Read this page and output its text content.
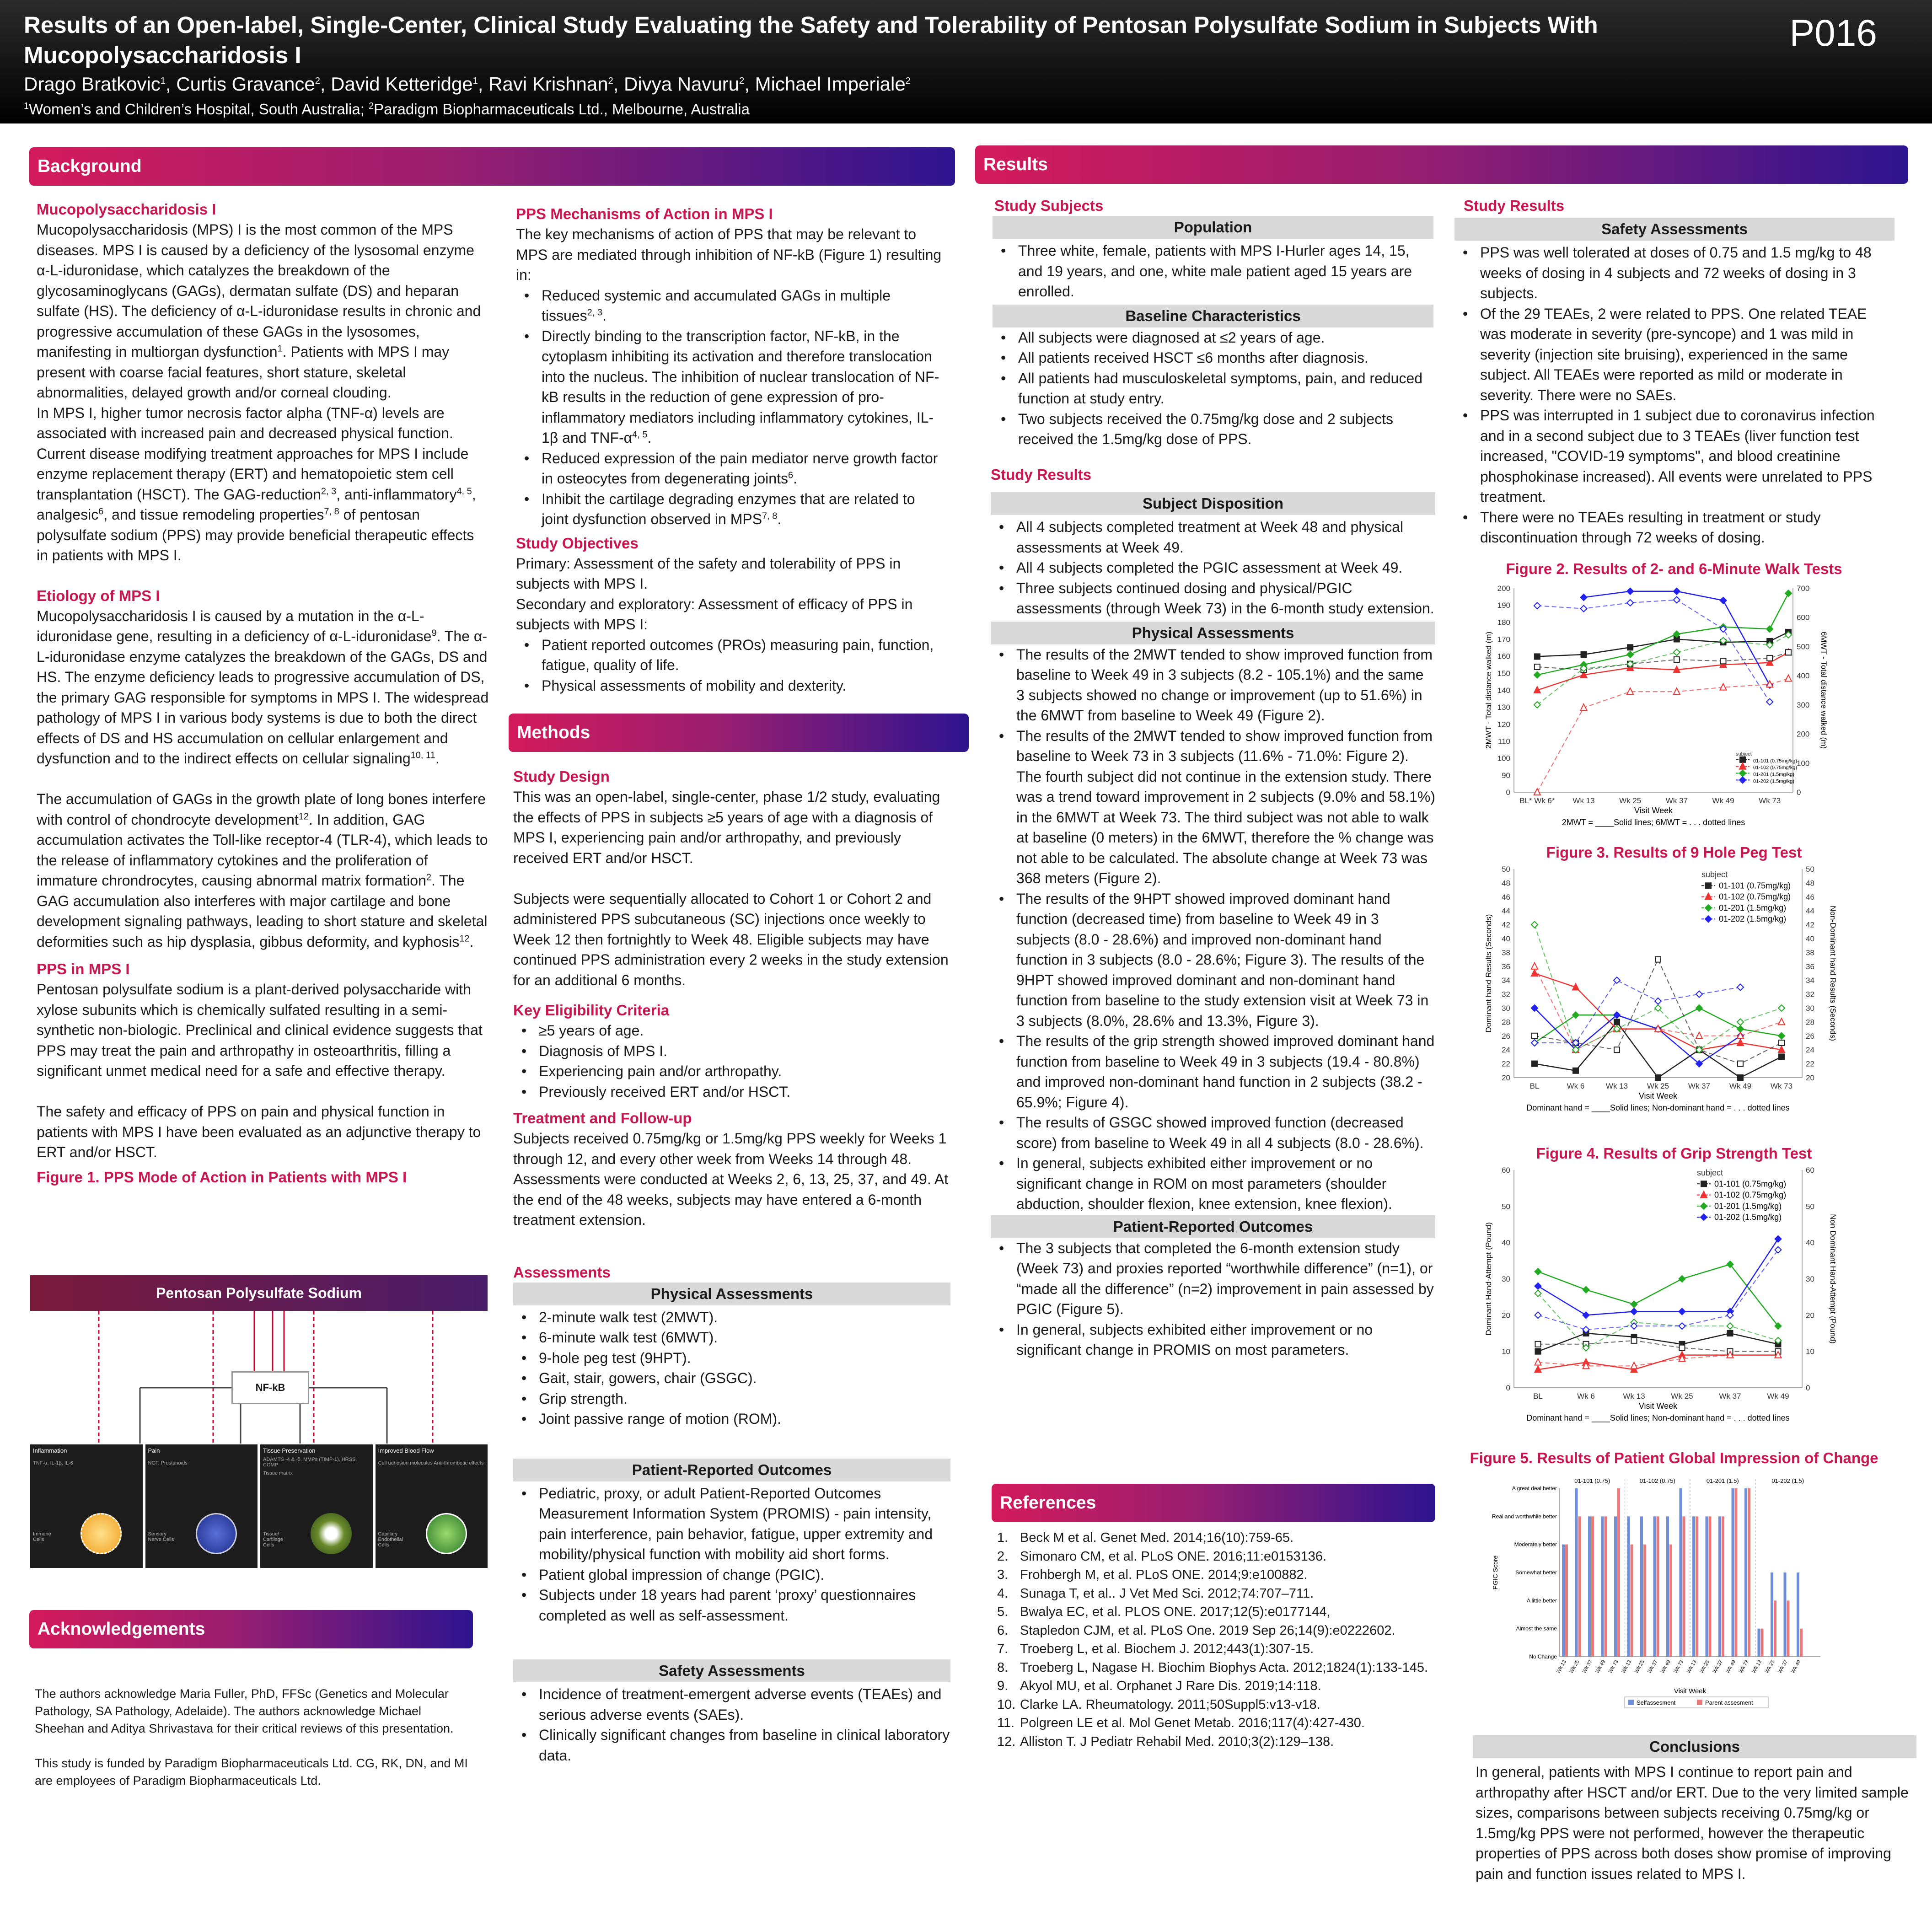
Results of an Open-label, Single-Center, Clinical Study Evaluating the Safety and Tolerability of Pentosan Polysulfate Sodium in Subjects With Mucopolysaccharidosis I
Drago Bratkovic$^1$, Curtis Gravance$^2$, David Ketteridge$^1$, Ravi Krishnan$^2$, Divya Navuru$^2$, Michael Imperiale$^2$
$^1$Women’s and Children’s Hospital, South Australia; $^2$Paradigm Biopharmaceuticals Ltd., Melbourne, Australia
P016
Background
Methods
Results
Acknowledgements
References
Mucopolysaccharidosis I

Mucopolysaccharidosis (MPS) I is the most common of the MPS diseases. MPS I is caused by a deficiency of the lysosomal enzyme α-L-iduronidase, which catalyzes the breakdown of the glycosaminoglycans (GAGs), dermatan sulfate (DS) and heparan sulfate (HS). The deficiency of α-L-iduronidase results in chronic and progressive accumulation of these GAGs in the lysosomes, manifesting in multiorgan dysfunction$^1$. Patients with MPS I may present with coarse facial features, short stature, skeletal abnormalities, delayed growth and/or corneal clouding.
In MPS I, higher tumor necrosis factor alpha (TNF-α) levels are associated with increased pain and decreased physical function. Current disease modifying treatment approaches for MPS I include enzyme replacement therapy (ERT) and hematopoietic stem cell transplantation (HSCT). The GAG-reduction$^{2, 3}$, anti-inflammatory$^{4, 5}$, analgesic$^6$, and tissue remodeling properties$^{7, 8}$ of pentosan polysulfate sodium (PPS) may provide beneficial therapeutic effects in patients with MPS I.

Etiology of MPS I

Mucopolysaccharidosis I is caused by a mutation in the α-L-iduronidase gene, resulting in a deficiency of α-L-iduronidase$^9$. The α-L-iduronidase enzyme catalyzes the breakdown of the GAGs, DS and HS. The enzyme deficiency leads to progressive accumulation of DS, the primary GAG responsible for symptoms in MPS I. The widespread pathology of MPS I in various body systems is due to both the direct effects of DS and HS accumulation on cellular enlargement and dysfunction and to the indirect effects on cellular signaling$^{10, 11}$.

The accumulation of GAGs in the growth plate of long bones interfere with control of chondrocyte development$^{12}$. In addition, GAG accumulation activates the Toll-like receptor-4 (TLR-4), which leads to the release of inflammatory cytokines and the proliferation of immature chrondrocytes, causing abnormal matrix formation$^2$. The GAG accumulation also interferes with major cartilage and bone development signaling pathways, leading to short stature and skeletal deformities such as hip dysplasia, gibbus deformity, and kyphosis$^{12}$.

PPS in MPS I

Pentosan polysulfate sodium is a plant-derived polysaccharide with xylose subunits which is chemically sulfated resulting in a semi-synthetic non-biologic. Preclinical and clinical evidence suggests that PPS may treat the pain and arthropathy in osteoarthritis, filling a significant unmet medical need for a safe and effective therapy.

The safety and efficacy of PPS on pain and physical function in patients with MPS I have been evaluated as an adjunctive therapy to ERT and/or HSCT.

Figure 1. PPS Mode of Action in Patients with MPS I
Pentosan Polysulfate Sodium
NF-kB
Inflammation
TNF-α, IL-1β, IL-6
Immune Cells
Pain
NGF, Prostanoids
Sensory Nerve Cells
Tissue Preservation
ADAMTS -4 & -5, MMPs (TIMP-1), HRSS, COMP
Tissue matrix
Tissue/ Cartilage Cells
Improved Blood Flow
Cell adhesion molecules Anti-thrombotic effects
Capillary Endothelial Cells
The authors acknowledge Maria Fuller, PhD, FFSc (Genetics and Molecular Pathology, SA Pathology, Adelaide). The authors acknowledge Michael Sheehan and Aditya Shrivastava for their critical reviews of this presentation.

This study is funded by Paradigm Biopharmaceuticals Ltd. CG, RK, DN, and MI are employees of Paradigm Biopharmaceuticals Ltd.
PPS Mechanisms of Action in MPS I

The key mechanisms of action of PPS that may be relevant to MPS are mediated through inhibition of NF-kB (Figure 1) resulting in:

• Reduced systemic and accumulated GAGs in multiple tissues$^{2, 3}$.
• Directly binding to the transcription factor, NF-kB, in the cytoplasm inhibiting its activation and therefore translocation into the nucleus. The inhibition of nuclear translocation of NF-kB results in the reduction of gene expression of pro-inflammatory mediators including inflammatory cytokines, IL-1β and TNF-$\alpha^{4, 5}$.
• Reduced expression of the pain mediator nerve growth factor in osteocytes from degenerating joints$^6$.
• Inhibit the cartilage degrading enzymes that are related to joint dysfunction observed in MPS$^{7, 8}$.
Study Objectives

Primary: Assessment of the safety and tolerability of PPS in subjects with MPS I.
Secondary and exploratory: Assessment of efficacy of PPS in subjects with MPS I:

• Patient reported outcomes (PROs) measuring pain, function, fatigue, quality of life.
• Physical assessments of mobility and dexterity.
Study Design

This was an open-label, single-center, phase 1/2 study, evaluating the effects of PPS in subjects ≥5 years of age with a diagnosis of MPS I, experiencing pain and/or arthropathy, and previously received ERT and/or HSCT.

Subjects were sequentially allocated to Cohort 1 or Cohort 2 and administered PPS subcutaneous (SC) injections once weekly to Week 12 then fortnightly to Week 48. Eligible subjects may have continued PPS administration every 2 weeks in the study extension for an additional 6 months.

Key Eligibility Criteria
• ≥5 years of age.
• Diagnosis of MPS I.
• Experiencing pain and/or arthropathy.
• Previously received ERT and/or HSCT.
Treatment and Follow-up

Subjects received 0.75mg/kg or 1.5mg/kg PPS weekly for Weeks 1 through 12, and every other week from Weeks 14 through 48. Assessments were conducted at Weeks 2, 6, 13, 25, 37, and 49. At the end of the 48 weeks, subjects may have entered a 6-month treatment extension.

Assessments
Physical Assessments
• 2-minute walk test (2MWT).
• 6-minute walk test (6MWT).
• 9-hole peg test (9HPT).
• Gait, stair, gowers, chair (GSGC).
• Grip strength.
• Joint passive range of motion (ROM).
Patient-Reported Outcomes
• Pediatric, proxy, or adult Patient-Reported Outcomes Measurement Information System (PROMIS) - pain intensity, pain interference, pain behavior, fatigue, upper extremity and mobility/physical function with mobility aid short forms.
• Patient global impression of change (PGIC).
• Subjects under 18 years had parent ‘proxy’ questionnaires completed as well as self-assessment.
Safety Assessments
• Incidence of treatment-emergent adverse events (TEAEs) and serious adverse events (SAEs).
• Clinically significant changes from baseline in clinical laboratory data.
Study Subjects
Population
• Three white, female, patients with MPS I-Hurler ages 14, 15, and 19 years, and one, white male patient aged 15 years are enrolled.
Baseline Characteristics
• All subjects were diagnosed at ≤2 years of age.
• All patients received HSCT ≤6 months after diagnosis.
• All patients had musculoskeletal symptoms, pain, and reduced function at study entry.
• Two subjects received the 0.75mg/kg dose and 2 subjects received the 1.5mg/kg dose of PPS.
Study Results
Subject Disposition
• All 4 subjects completed treatment at Week 48 and physical assessments at Week 49.
• All 4 subjects completed the PGIC assessment at Week 49.
• Three subjects continued dosing and physical/PGIC assessments (through Week 73) in the 6-month study extension.
Physical Assessments
• The results of the 2MWT tended to show improved function from baseline to Week 49 in 3 subjects (8.2 - 105.1%) and the same 3 subjects showed no change or improvement (up to 51.6%) in the 6MWT from baseline to Week 49 (Figure 2).
• The results of the 2MWT tended to show improved function from baseline to Week 73 in 3 subjects (11.6% - 71.0%: Figure 2). The fourth subject did not continue in the extension study. There was a trend toward improvement in 2 subjects (9.0% and 58.1%) in the 6MWT at Week 73. The third subject was not able to walk at baseline (0 meters) in the 6MWT, therefore the % change was not able to be calculated. The absolute change at Week 73 was 368 meters (Figure 2).
• The results of the 9HPT showed improved dominant hand function (decreased time) from baseline to Week 49 in 3 subjects (8.0 - 28.6%) and improved non-dominant hand function in 3 subjects (8.0 - 28.6%; Figure 3). The results of the 9HPT showed improved dominant and non-dominant hand function from baseline to the study extension visit at Week 73 in 3 subjects (8.0%, 28.6% and 13.3%, Figure 3).
• The results of the grip strength showed improved dominant hand function from baseline to Week 49 in 3 subjects (19.4 - 80.8%) and improved non-dominant hand function in 2 subjects (38.2 - 65.9%; Figure 4).
• The results of GSGC showed improved function (decreased score) from baseline to Week 49 in all 4 subjects (8.0 - 28.6%).
• In general, subjects exhibited either improvement or no significant change in ROM on most parameters (shoulder abduction, shoulder flexion, knee extension, knee flexion).
Patient-Reported Outcomes
• The 3 subjects that completed the 6-month extension study (Week 73) and proxies reported “worthwhile difference” (n=1), or “made all the difference” (n=2) improvement in pain assessed by PGIC (Figure 5).
• In general, subjects exhibited either improvement or no significant change in PROMIS on most parameters.
1. Beck M et al. Genet Med. 2014;16(10):759-65.
2. Simonaro CM, et al. PLoS ONE. 2016;11:e0153136.
3. Frohbergh M, et al. PLoS ONE. 2014;9:e100882.
4. Sunaga T, et al.. J Vet Med Sci. 2012;74:707–711.
5. Bwalya EC, et al. PLOS ONE. 2017;12(5):e0177144,
6. Stapledon CJM, et al. PLoS One. 2019 Sep 26;14(9):e0222602.
7. Troeberg L, et al. Biochem J. 2012;443(1):307-15.
8. Troeberg L, Nagase H. Biochim Biophys Acta. 2012;1824(1):133-145.
9. Akyol MU, et al. Orphanet J Rare Dis. 2019;14:118.
10. Clarke LA. Rheumatology. 2011;50Suppl5:v13-v18.
11. Polgreen LE et al. Mol Genet Metab. 2016;117(4):427-430.
12. Alliston T. J Pediatr Rehabil Med. 2010;3(2):129–138.
Study Results
Safety Assessments
• PPS was well tolerated at doses of 0.75 and 1.5 mg/kg to 48 weeks of dosing in 4 subjects and 72 weeks of dosing in 3 subjects.
• Of the 29 TEAEs, 2 were related to PPS. One related TEAE was moderate in severity (pre-syncope) and 1 was mild in severity (injection site bruising), experienced in the same subject. All TEAEs were reported as mild or moderate in severity. There were no SAEs.
• PPS was interrupted in 1 subject due to coronavirus infection and in a second subject due to 3 TEAEs (liver function test increased, "COVID-19 symptoms", and blood creatinine phosphokinase increased). All events were unrelated to PPS treatment.
• There were no TEAEs resulting in treatment or study discontinuation through 72 weeks of dosing.
Figure 2. Results of 2- and 6-Minute Walk Tests
0
90
100
110
120
130
140
150
160
170
180
190
200
0
100
200
300
400
500
600
700
BL* Wk 6* Wk 13	Wk 25	Wk 37	Wk 49	Wk 73
Visit Week
2MWT = ____Solid lines; 6MWT = . . . dotted lines
2MWT - Total distance walked (m)	6MWT - Total distance walked (m)
subject
01-101 (0.75mg/kg)
01-102 (0.75mg/kg)
01-201 (1.5mg/kg)
01-202 (1.5mg/kg)
Figure 3. Results of 9 Hole Peg Test
20	20
22	22
24	24
26	26
28	28
30	30
32	32
34	34
36	36
38	38
40	40
42	42
44	44
46	46
48	48
50	50
BL	Wk 6	Wk 13 Wk 25 Wk 37 Wk 49 Wk 73
Visit Week
Dominant hand = ____Solid lines; Non-dominant hand = . . . dotted lines
Dominant hand Results (Seconds)	Non-Dominant hand Results (Seconds)
subject
01-101 (0.75mg/kg)
01-102 (0.75mg/kg)
01-201 (1.5mg/kg)
01-202 (1.5mg/kg)
Figure 4. Results of Grip Strength Test
0	0
10	10
20	20
30	30
40	40
50	50
60	60
BL	Wk 6	Wk 13	Wk 25	Wk 37	Wk 49
Visit Week
Dominant hand = ____Solid lines; Non-dominant hand = . . . dotted lines
Dominant Hand-Attempt (Pound)	Non Dominant Hand-Attempt (Pound)
subject
01-101 (0.75mg/kg)
01-102 (0.75mg/kg)
01-201 (1.5mg/kg)
01-202 (1.5mg/kg)
Figure 5. Results of Patient Global Impression of Change
No Change
Almost the same
A little better
Somewhat better
Moderately better
Real and worthwhile better
A great deal better
PGIC Score
01-101 (0.75)
Wk 13 Wk 25 Wk 37 Wk 49 Wk 73
01-102 (0.75)
Wk 13 Wk 25 Wk 37 Wk 49 Wk 73
01-201 (1.5)
Wk 13 Wk 25 Wk 37 Wk 49 Wk 73
01-202 (1.5)
Wk 13 Wk 25 Wk 37 Wk 49
Visit Week
Selfassesment	Parent assesment
Conclusions

In general, patients with MPS I continue to report pain and arthropathy after HSCT and/or ERT. Due to the very limited sample sizes, comparisons between subjects receiving 0.75mg/kg or 1.5mg/kg PPS were not performed, however the therapeutic properties of PPS across both doses show promise of improving pain and function issues related to MPS I.
